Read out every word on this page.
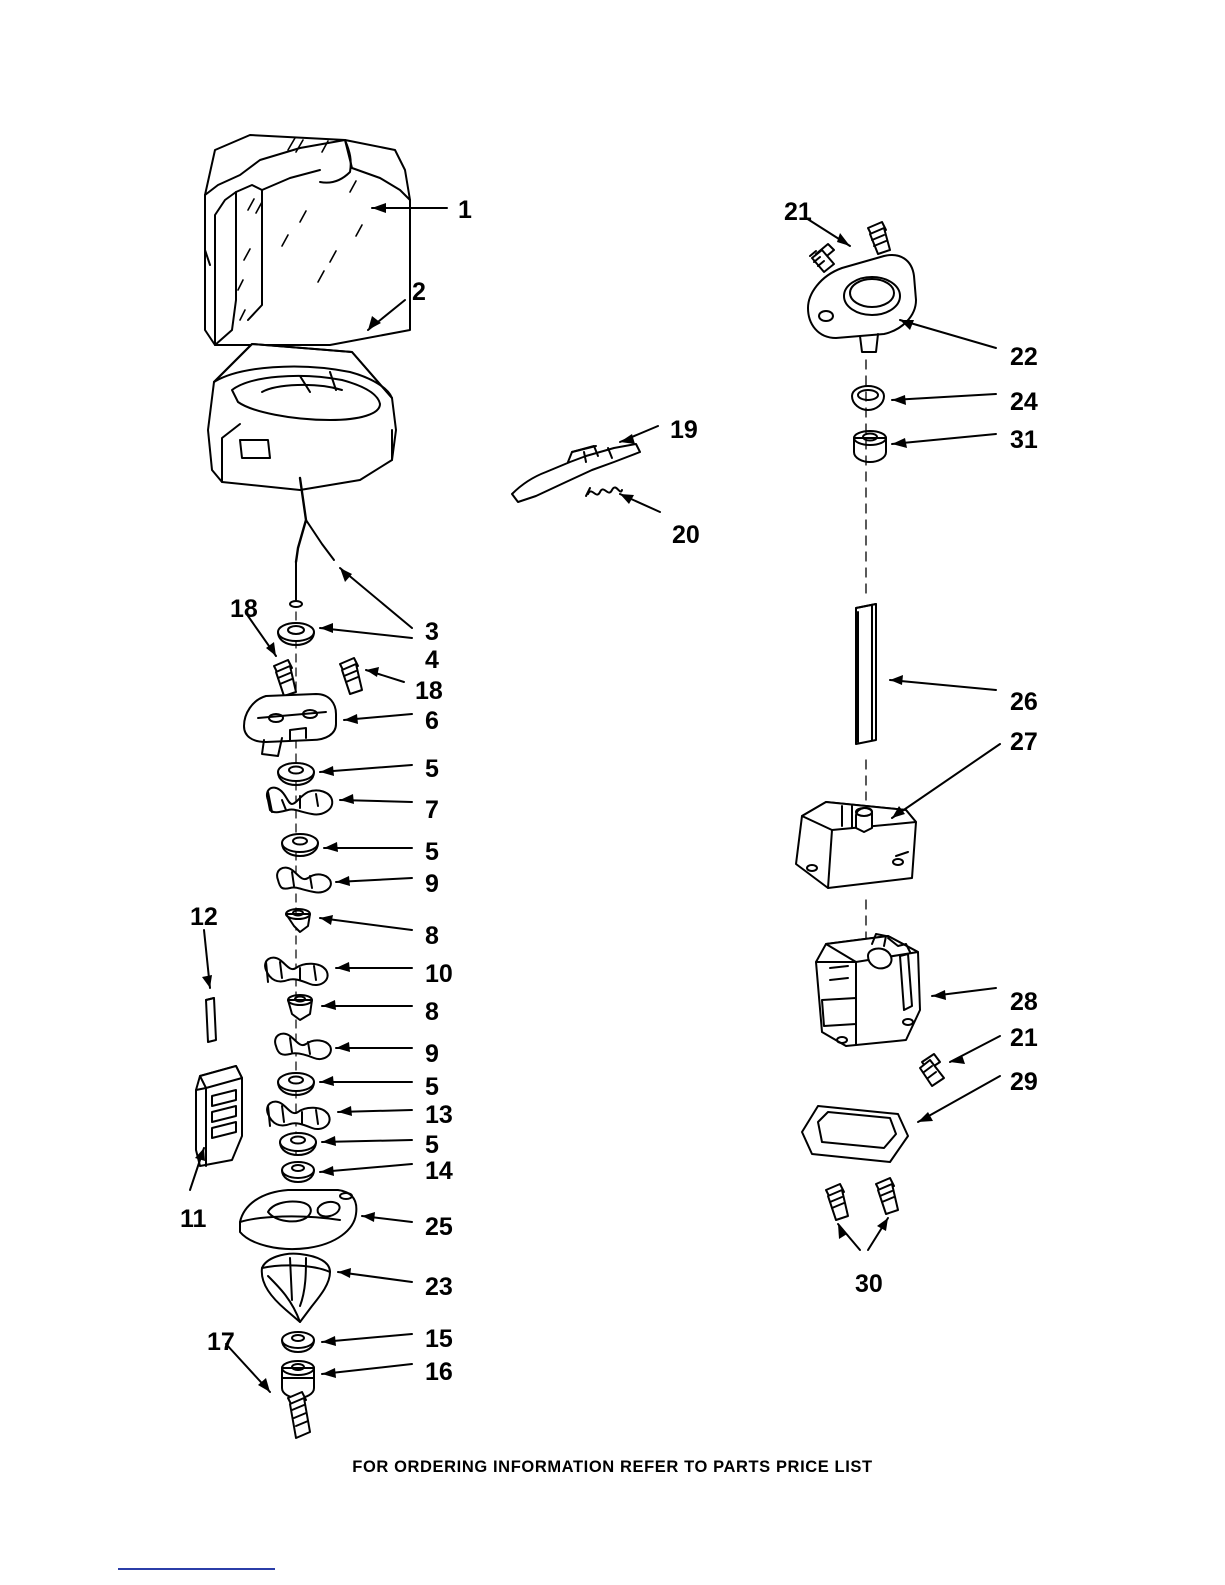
1
2
19
20
21
22
24
31
18
3
4
18
6
5
7
5
9
8
10
8
9
5
13
5
14
25
23
15
16
17
12
11
26
27
28
21
29
30
FOR ORDERING INFORMATION REFER TO PARTS PRICE LIST
